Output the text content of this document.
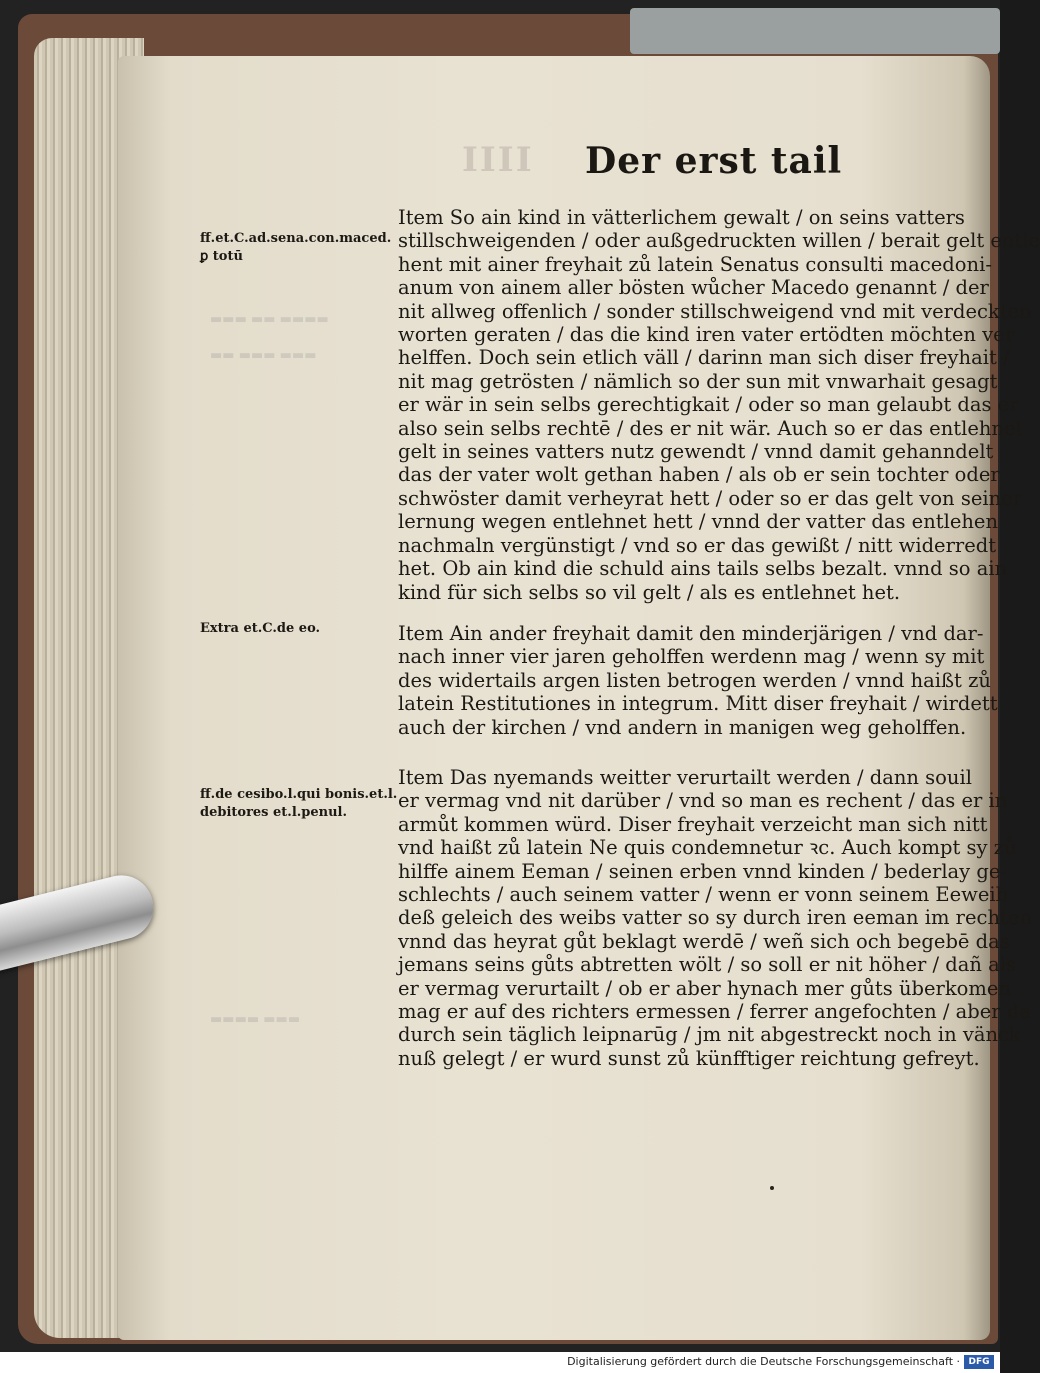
IIII
▬▬▬ ▬▬ ▬▬▬▬
▬▬ ▬▬▬ ▬▬▬
▬▬▬▬ ▬▬▬
Der erst tail
ff.et.C.ad.sena.con.maced.
ꝑ totū
Extra et.C.de eo.
ff.de cesibo.l.qui bonis.et.l.
debitores et.l.penul.
Item So ain kind in vätterlichem gewalt / on seins vatters
stillschweigenden / oder außgedruckten willen / berait gelt entle
hent mit ainer freyhait zů latein Senatus consulti macedoni-
anum von ainem aller bösten wůcher Macedo genannt / der
nit allweg offenlich / sonder stillschweigend vnd mit verdeckten
worten geraten / das die kind iren vater ertödten möchten ver
helffen. Doch sein etlich väll / darinn man sich diser freyhait /
nit mag getrösten / nämlich so der sun mit vnwarhait gesagt
er wär in sein selbs gerechtigkait / oder so man gelaubt das er
also sein selbs rechtē / des er nit wär. Auch so er das entlehnet
gelt in seines vatters nutz gewendt / vnnd damit gehanndelt
das der vater wolt gethan haben / als ob er sein tochter oder
schwöster damit verheyrat hett / oder so er das gelt von seiner
lernung wegen entlehnet hett / vnnd der vatter das entlehen
nachmaln vergünstigt / vnd so er das gewißt / nitt widerredt
het. Ob ain kind die schuld ains tails selbs bezalt. vnnd so ain
kind für sich selbs so vil gelt / als es entlehnet het.
Item Ain ander freyhait damit den minderjärigen / vnd dar-
nach inner vier jaren geholffen werdenn mag / wenn sy mit
des widertails argen listen betrogen werden / vnnd haißt zů
latein Restitutiones in integrum. Mitt diser freyhait / wirdett
auch der kirchen / vnd andern in manigen weg geholffen.
Item Das nyemands weitter verurtailt werden / dann souil
er vermag vnd nit darüber / vnd so man es rechent / das er in
armůt kommen würd. Diser freyhait verzeicht man sich nitt
vnd haißt zů latein Ne quis condemnetur ꝛc. Auch kompt sy zů
hilffe ainem Eeman / seinen erben vnnd kinden / bederlay ge-
schlechts / auch seinem vatter / wenn er vonn seinem Eeweib
deß geleich des weibs vatter so sy durch iren eeman im rechten
vnnd das heyrat gůt beklagt werdē / weñ sich och begebē das
jemans seins gůts abtretten wölt / so soll er nit höher / dañ als
er vermag verurtailt / ob er aber hynach mer gůts überkomen
mag er auf des richters ermessen / ferrer angefochten / aber da
durch sein täglich leipnarūg / jm nit abgestreckt noch in vänck
nuß gelegt / er wurd sunst zů künfftiger reichtung gefreyt.
Digitalisierung gefördert durch die Deutsche Forschungsgemeinschaft · DFG
